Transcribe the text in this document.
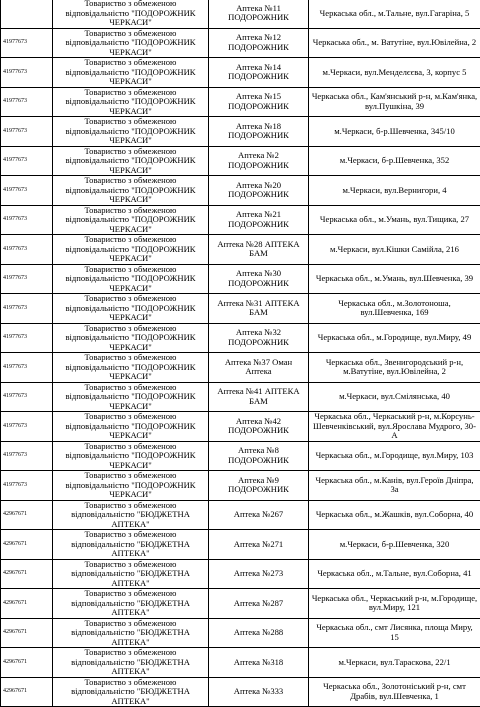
	Товариство з обмеженою відповідальністю "ПОДОРОЖНИК ЧЕРКАСИ"	Аптека №11 ПОДОРОЖНИК	Черкаська обл., м.Тальне, вул.Гагаріна, 5
41977673	Товариство з обмеженою відповідальністю "ПОДОРОЖНИК ЧЕРКАСИ"	Аптека №12 ПОДОРОЖНИК	Черкаська обл., м. Ватутіне, вул.Ювілейна, 2
41977673	Товариство з обмеженою відповідальністю "ПОДОРОЖНИК ЧЕРКАСИ"	Аптека №14 ПОДОРОЖНИК	м.Черкаси, вул.Менделєєва, 3, корпус 5
41977673	Товариство з обмеженою відповідальністю "ПОДОРОЖНИК ЧЕРКАСИ"	Аптека №15 ПОДОРОЖНИК	Черкаська обл., Кам'янський р-н, м.Кам'янка, вул.Пушкіна, 39
41977673	Товариство з обмеженою відповідальністю "ПОДОРОЖНИК ЧЕРКАСИ"	Аптека №18 ПОДОРОЖНИК	м.Черкаси, б-р.Шевченка, 345/10
41977673	Товариство з обмеженою відповідальністю "ПОДОРОЖНИК ЧЕРКАСИ"	Аптека №2 ПОДОРОЖНИК	м.Черкаси, б-р.Шевченка, 352
41977673	Товариство з обмеженою відповідальністю "ПОДОРОЖНИК ЧЕРКАСИ"	Аптека №20 ПОДОРОЖНИК	м.Черкаси, вул.Вернигори, 4
41977673	Товариство з обмеженою відповідальністю "ПОДОРОЖНИК ЧЕРКАСИ"	Аптека №21 ПОДОРОЖНИК	Черкаська обл., м.Умань, вул.Тищика, 27
41977673	Товариство з обмеженою відповідальністю "ПОДОРОЖНИК ЧЕРКАСИ"	Аптека №28 АПТЕКА БАМ	м.Черкаси, вул.Кішки Самійла, 216
41977673	Товариство з обмеженою відповідальністю "ПОДОРОЖНИК ЧЕРКАСИ"	Аптека №30 ПОДОРОЖНИК	Черкаська обл., м.Умань, вул.Шевченка, 39
41977673	Товариство з обмеженою відповідальністю "ПОДОРОЖНИК ЧЕРКАСИ"	Аптека №31 АПТЕКА БАМ	Черкаська обл., м.Золотоноша, вул.Шевченка, 169
41977673	Товариство з обмеженою відповідальністю "ПОДОРОЖНИК ЧЕРКАСИ"	Аптека №32 ПОДОРОЖНИК	Черкаська обл., м.Городище, вул.Миру, 49
41977673	Товариство з обмеженою відповідальністю "ПОДОРОЖНИК ЧЕРКАСИ"	Аптека №37 Оман Аптека	Черкаська обл., Звенигородський р-н, м.Ватутіне, вул.Ювілейна, 2
41977673	Товариство з обмеженою відповідальністю "ПОДОРОЖНИК ЧЕРКАСИ"	Аптека №41 АПТЕКА БАМ	м.Черкаси, вул.Смілянська, 40
41977673	Товариство з обмеженою відповідальністю "ПОДОРОЖНИК ЧЕРКАСИ"	Аптека №42 ПОДОРОЖНИК	Черкаська обл., Черкаський р-н, м.Корсунь-Шевченківський, вул.Ярослава Мудрого, 30-А
41977673	Товариство з обмеженою відповідальністю "ПОДОРОЖНИК ЧЕРКАСИ"	Аптека №8 ПОДОРОЖНИК	Черкаська обл., м.Городище, вул.Миру, 103
41977673	Товариство з обмеженою відповідальністю "ПОДОРОЖНИК ЧЕРКАСИ"	Аптека №9 ПОДОРОЖНИК	Черкаська обл., м.Канів, вул.Героїв Дніпра, 3а
42967671	Товариство з обмеженою відповідальністю "БЮДЖЕТНА АПТЕКА"	Аптека №267	Черкаська обл., м.Жашків, вул.Соборна, 40
42967671	Товариство з обмеженою відповідальністю "БЮДЖЕТНА АПТЕКА"	Аптека №271	м.Черкаси, б-р.Шевченка, 320
42967671	Товариство з обмеженою відповідальністю "БЮДЖЕТНА АПТЕКА"	Аптека №273	Черкаська обл., м.Тальне, вул.Соборна, 41
42967671	Товариство з обмеженою відповідальністю "БЮДЖЕТНА АПТЕКА"	Аптека №287	Черкаська обл., Черкаський р-н, м.Городище, вул.Миру, 121
42967671	Товариство з обмеженою відповідальністю "БЮДЖЕТНА АПТЕКА"	Аптека №288	Черкаська обл., смт Лисянка, площа Миру, 15
42967671	Товариство з обмеженою відповідальністю "БЮДЖЕТНА АПТЕКА"	Аптека №318	м.Черкаси, вул.Тараскова, 22/1
42967671	Товариство з обмеженою відповідальністю "БЮДЖЕТНА АПТЕКА"	Аптека №333	Черкаська обл., Золотоніський р-н, смт Драбів, вул.Шевченка, 1
